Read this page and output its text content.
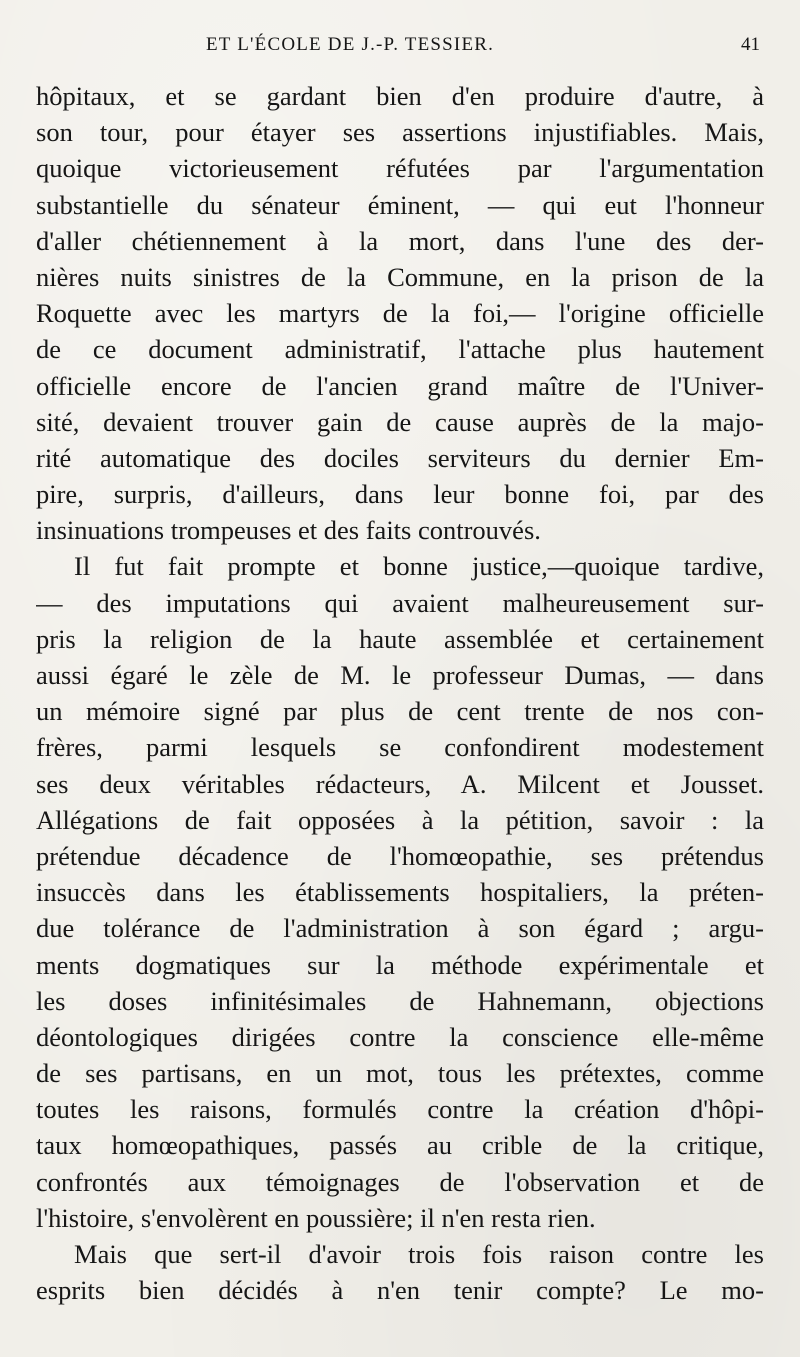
ET L'ÉCOLE DE J.-P. TESSIER.	41
hôpitaux, et se gardant bien d'en produire d'autre, à
son tour, pour étayer ses assertions injustifiables. Mais,
quoique victorieusement réfutées par l'argumentation
substantielle du sénateur éminent, — qui eut l'honneur
d'aller chétiennement à la mort, dans l'une des der-
nières nuits sinistres de la Commune, en la prison de la
Roquette avec les martyrs de la foi,— l'origine officielle
de ce document administratif, l'attache plus hautement
officielle encore de l'ancien grand maître de l'Univer-
sité, devaient trouver gain de cause auprès de la majo-
rité automatique des dociles serviteurs du dernier Em-
pire, surpris, d'ailleurs, dans leur bonne foi, par des
insinuations trompeuses et des faits controuvés.
Il fut fait prompte et bonne justice,—quoique tardive,
— des imputations qui avaient malheureusement sur-
pris la religion de la haute assemblée et certainement
aussi égaré le zèle de M. le professeur Dumas, — dans
un mémoire signé par plus de cent trente de nos con-
frères, parmi lesquels se confondirent modestement
ses deux véritables rédacteurs, A. Milcent et Jousset.
Allégations de fait opposées à la pétition, savoir : la
prétendue décadence de l'homœopathie, ses prétendus
insuccès dans les établissements hospitaliers, la préten-
due tolérance de l'administration à son égard ; argu-
ments dogmatiques sur la méthode expérimentale et
les doses infinitésimales de Hahnemann, objections
déontologiques dirigées contre la conscience elle-même
de ses partisans, en un mot, tous les prétextes, comme
toutes les raisons, formulés contre la création d'hôpi-
taux homœopathiques, passés au crible de la critique,
confrontés aux témoignages de l'observation et de
l'histoire, s'envolèrent en poussière; il n'en resta rien.
Mais que sert-il d'avoir trois fois raison contre les
esprits bien décidés à n'en tenir compte? Le mo-
